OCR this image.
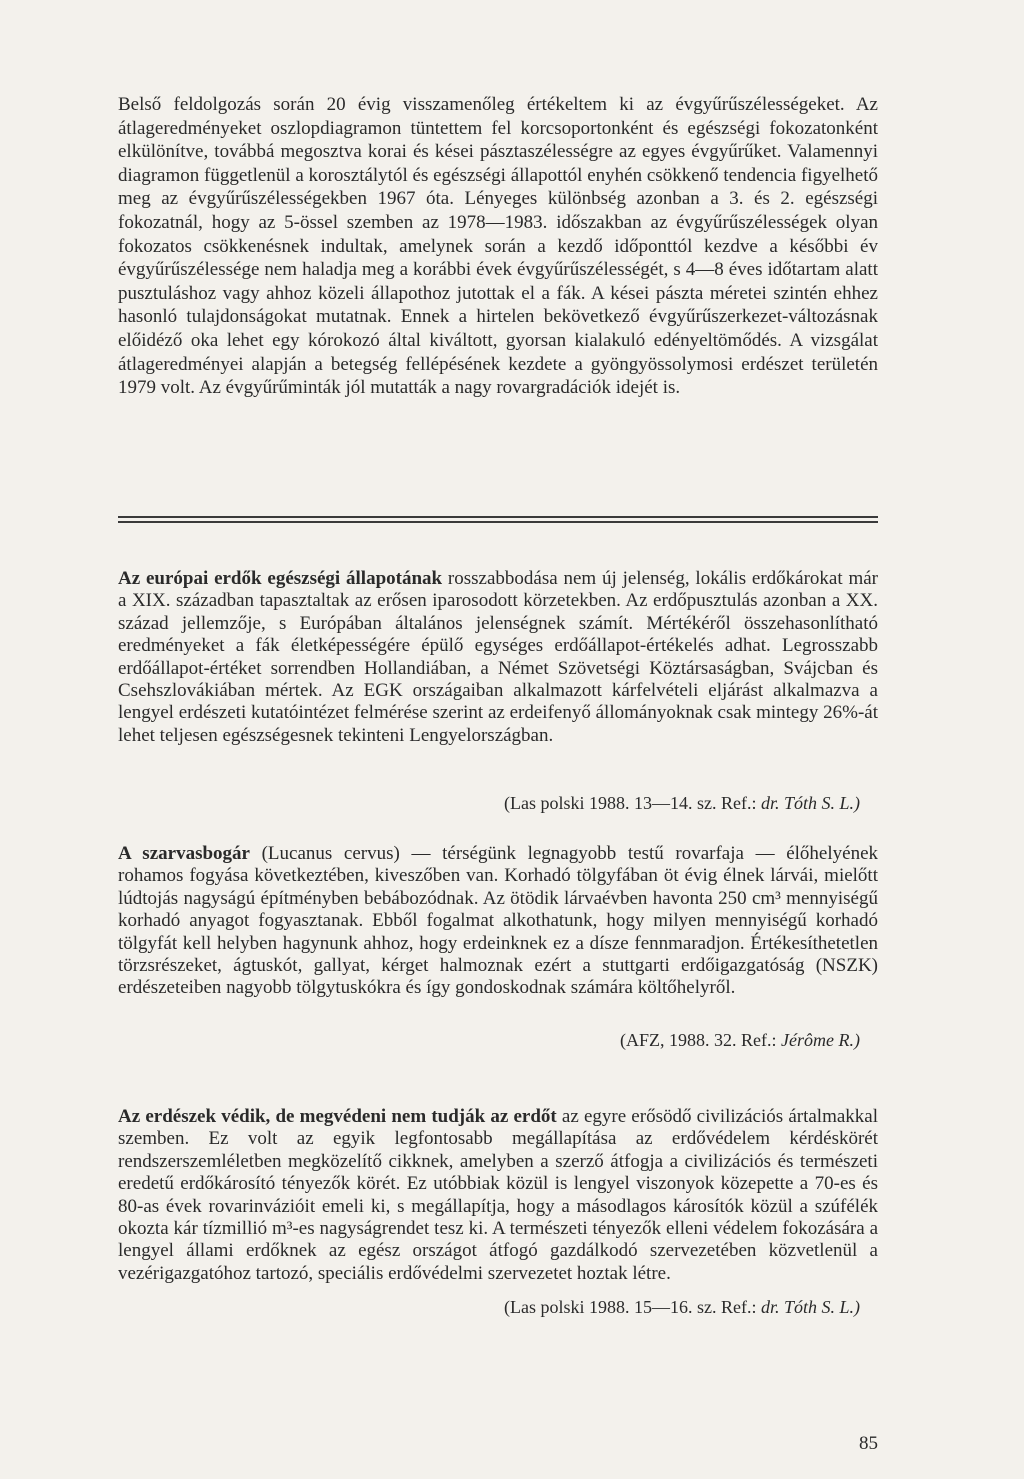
Belső feldolgozás során 20 évig visszamenőleg értékeltem ki az évgyűrűszélességeket. Az átlageredményeket oszlopdiagramon tüntettem fel korcsoportonként és egészségi fokozatonként elkülönítve, továbbá megosztva korai és kései pásztaszélességre az egyes évgyűrűket. Valamennyi diagramon függetlenül a korosztálytól és egészségi állapottól enyhén csökkenő tendencia figyelhető meg az évgyűrűszélességekben 1967 óta. Lényeges különbség azonban a 3. és 2. egészségi fokozatnál, hogy az 5-össel szemben az 1978—1983. időszakban az évgyűrűszélességek olyan fokozatos csökkenésnek indultak, amelynek során a kezdő időponttól kezdve a későbbi év évgyűrűszélessége nem haladja meg a korábbi évek évgyűrűszélességét, s 4—8 éves időtartam alatt pusztuláshoz vagy ahhoz közeli állapothoz jutottak el a fák. A kései pászta méretei szintén ehhez hasonló tulajdonságokat mutatnak. Ennek a hirtelen bekövetkező évgyűrűszerkezet-változásnak előidéző oka lehet egy kórokozó által kiváltott, gyorsan kialakuló edényeltömődés. A vizsgálat átlageredményei alapján a betegség fellépésének kezdete a gyöngyössolymosi erdészet területén 1979 volt. Az évgyűrűminták jól mutatták a nagy rovargradációk idejét is.

Az európai erdők egészségi állapotának rosszabbodása nem új jelenség, lokális erdőkárokat már a XIX. században tapasztaltak az erősen iparosodott körzetekben. Az erdőpusztulás azonban a XX. század jellemzője, s Európában általános jelenségnek számít. Mértékéről összehasonlítható eredményeket a fák életképességére épülő egységes erdőállapot-értékelés adhat. Legrosszabb erdőállapot-értéket sorrendben Hollandiában, a Német Szövetségi Köztársaságban, Svájcban és Csehszlovákiában mértek. Az EGK országaiban alkalmazott kárfelvételi eljárást alkalmazva a lengyel erdészeti kutatóintézet felmérése szerint az erdeifenyő állományoknak csak mintegy 26%-át lehet teljesen egészségesnek tekinteni Lengyelországban.

(Las polski 1988. 13—14. sz. Ref.: dr. Tóth S. L.)

A szarvasbogár (Lucanus cervus) — térségünk legnagyobb testű rovarfaja — élőhelyének rohamos fogyása következtében, kiveszőben van. Korhadó tölgyfában öt évig élnek lárvái, mielőtt lúdtojás nagyságú építményben bebábozódnak. Az ötödik lárvaévben havonta 250 cm³ mennyiségű korhadó anyagot fogyasztanak. Ebből fogalmat alkothatunk, hogy milyen mennyiségű korhadó tölgyfát kell helyben hagynunk ahhoz, hogy erdeinknek ez a dísze fennmaradjon. Értékesíthetetlen törzsrészeket, ágtuskót, gallyat, kérget halmoznak ezért a stuttgarti erdőigazgatóság (NSZK) erdészeteiben nagyobb tölgytuskókra és így gondoskodnak számára költőhelyről.

(AFZ, 1988. 32. Ref.: Jérôme R.)

Az erdészek védik, de megvédeni nem tudják az erdőt az egyre erősödő civilizációs ártalmakkal szemben. Ez volt az egyik legfontosabb megállapítása az erdővédelem kérdéskörét rendszerszemléletben megközelítő cikknek, amelyben a szerző átfogja a civilizációs és természeti eredetű erdőkárosító tényezők körét. Ez utóbbiak közül is lengyel viszonyok közepette a 70-es és 80-as évek rovarinvázióit emeli ki, s megállapítja, hogy a másodlagos károsítók közül a szúfélék okozta kár tízmillió m³-es nagyságrendet tesz ki. A természeti tényezők elleni védelem fokozására a lengyel állami erdőknek az egész országot átfogó gazdálkodó szervezetében közvetlenül a vezérigazgatóhoz tartozó, speciális erdővédelmi szervezetet hoztak létre.

(Las polski 1988. 15—16. sz. Ref.: dr. Tóth S. L.)

85
